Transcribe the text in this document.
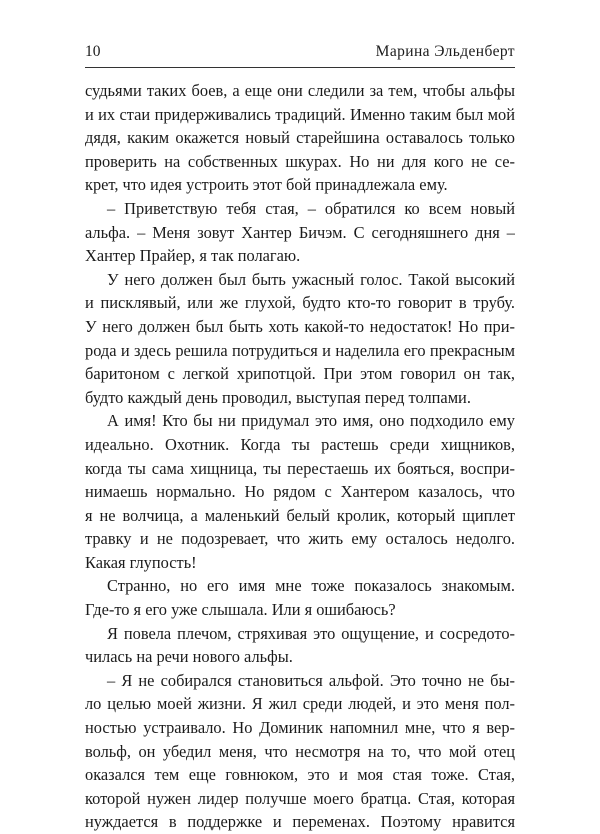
10	Марина Эльденберт
судьями таких боев, а еще они следили за тем, чтобы альфы
и их стаи придерживались традиций. Именно таким был мой
дядя, каким окажется новый старейшина оставалось только
проверить на собственных шкурах. Но ни для кого не се-
крет, что идея устроить этот бой принадлежала ему.
– Приветствую тебя стая, – обратился ко всем новый
альфа. – Меня зовут Хантер Бичэм. С сегодняшнего дня –
Хантер Прайер, я так полагаю.
У него должен был быть ужасный голос. Такой высокий
и писклявый, или же глухой, будто кто-то говорит в трубу.
У него должен был быть хоть какой-то недостаток! Но при-
рода и здесь решила потрудиться и наделила его прекрасным
баритоном с легкой хрипотцой. При этом говорил он так,
будто каждый день проводил, выступая перед толпами.
А имя! Кто бы ни придумал это имя, оно подходило ему
идеально. Охотник. Когда ты растешь среди хищников,
когда ты сама хищница, ты перестаешь их бояться, воспри-
нимаешь нормально. Но рядом с Хантером казалось, что
я не волчица, а маленький белый кролик, который щиплет
травку и не подозревает, что жить ему осталось недолго.
Какая глупость!
Странно, но его имя мне тоже показалось знакомым.
Где-то я его уже слышала. Или я ошибаюсь?
Я повела плечом, стряхивая это ощущение, и сосредото-
чилась на речи нового альфы.
– Я не собирался становиться альфой. Это точно не бы-
ло целью моей жизни. Я жил среди людей, и это меня пол-
ностью устраивало. Но Доминик напомнил мне, что я вер-
вольф, он убедил меня, что несмотря на то, что мой отец
оказался тем еще говнюком, это и моя стая тоже. Стая,
которой нужен лидер получше моего братца. Стая, которая
нуждается в поддержке и переменах. Поэтому нравится
